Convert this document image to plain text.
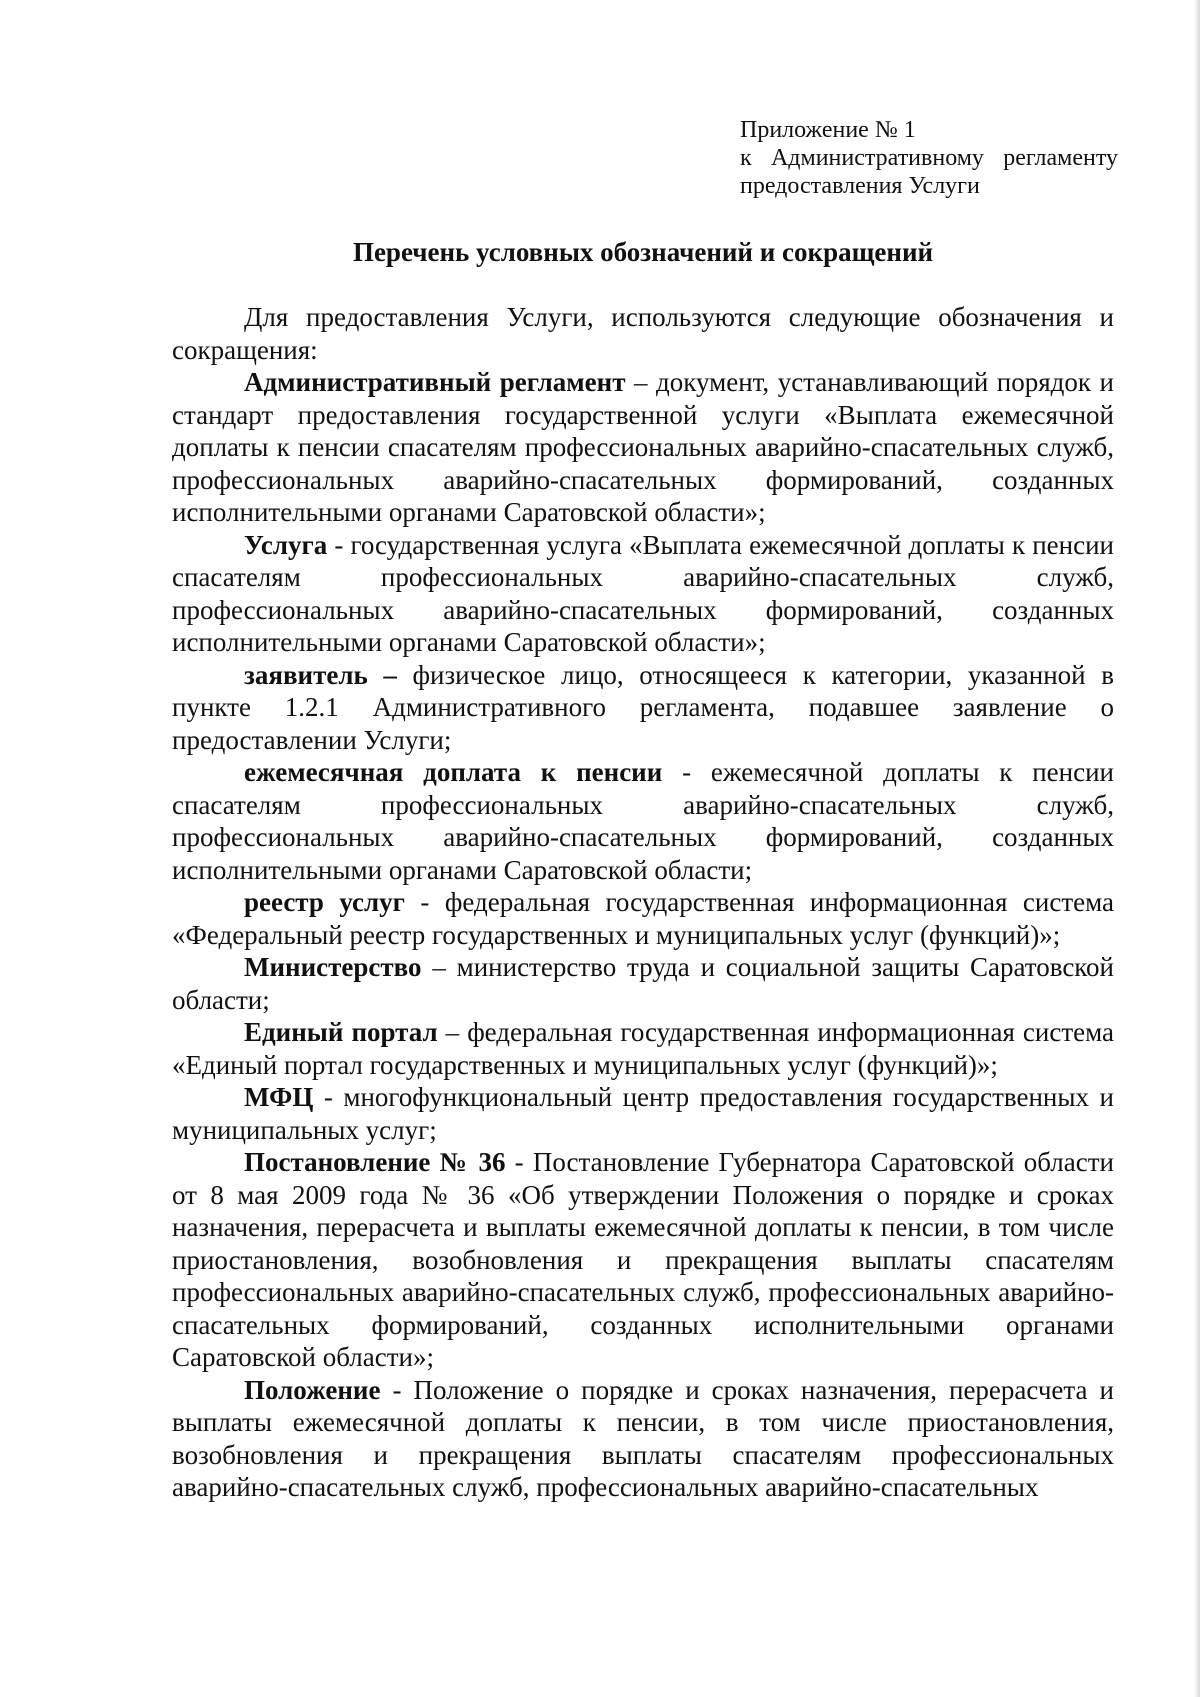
Приложение № 1
к Административному регламенту
предоставления Услуги
Перечень условных обозначений и сокращений

Для предоставления Услуги, используются следующие обозначения и сокращения:

Административный регламент – документ, устанавливающий порядок и стандарт предоставления государственной услуги «Выплата ежемесячной доплаты к пенсии спасателям профессиональных аварийно-спасательных служб, профессиональных аварийно-спасательных формирований, созданных исполнительными органами Саратовской области»;

Услуга - государственная услуга «Выплата ежемесячной доплаты к пенсии спасателям профессиональных аварийно-спасательных служб, профессиональных аварийно-спасательных формирований, созданных исполнительными органами Саратовской области»;

заявитель – физическое лицо, относящееся к категории, указанной в пункте 1.2.1 Административного регламента, подавшее заявление о предоставлении Услуги;

ежемесячная доплата к пенсии - ежемесячной доплаты к пенсии спасателям профессиональных аварийно-спасательных служб, профессиональных аварийно-спасательных формирований, созданных исполнительными органами Саратовской области;

реестр услуг - федеральная государственная информационная система «Федеральный реестр государственных и муниципальных услуг (функций)»;

Министерство – министерство труда и социальной защиты Саратовской области;

Единый портал – федеральная государственная информационная система «Единый портал государственных и муниципальных услуг (функций)»;

МФЦ - многофункциональный центр предоставления государственных и муниципальных услуг;

Постановление № 36 - Постановление Губернатора Саратовской области от 8 мая 2009 года № 36 «Об утверждении Положения о порядке и сроках назначения, перерасчета и выплаты ежемесячной доплаты к пенсии, в том числе приостановления, возобновления и прекращения выплаты спасателям профессиональных аварийно-спасательных служб, профессиональных аварийно-спасательных формирований, созданных исполнительными органами Саратовской области»;

Положение - Положение о порядке и сроках назначения, перерасчета и выплаты ежемесячной доплаты к пенсии, в том числе приостановления, возобновления и прекращения выплаты спасателям профессиональных аварийно-спасательных служб, профессиональных аварийно-спасательных
